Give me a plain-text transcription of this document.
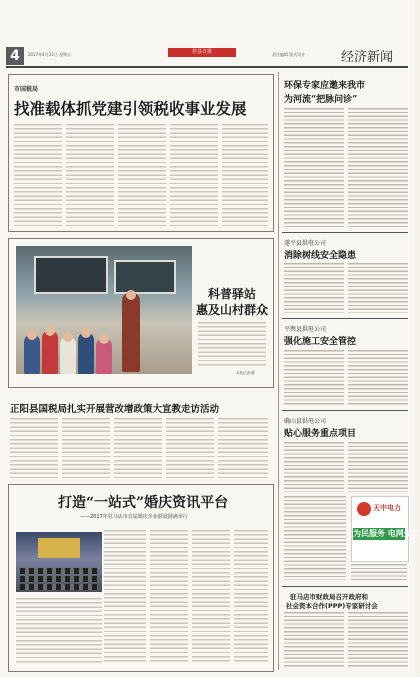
4	2017年4月21日 星期五	佳县日报	责任编辑 版式设计	经济新闻
市国税局
找准载体抓党建引领税收事业发展
科普驿站
惠及山村群众
本报记者 摄
正阳县国税局扎实开展营改增政策大宣教走访活动
打造“一站式”婚庆资讯平台
——2017年驻马店市首届婚庆企业联展圆满举行
环保专家应邀来我市
为河流“把脉问诊”
遂平县供电公司
消除树线安全隐患
平舆县供电公司
强化施工安全管控
确山县供电公司
贴心服务重点项目
天中电力
为民服务 电网先行
驻马店市财政局召开政府和
社会资本合作(PPP)专家研讨会
